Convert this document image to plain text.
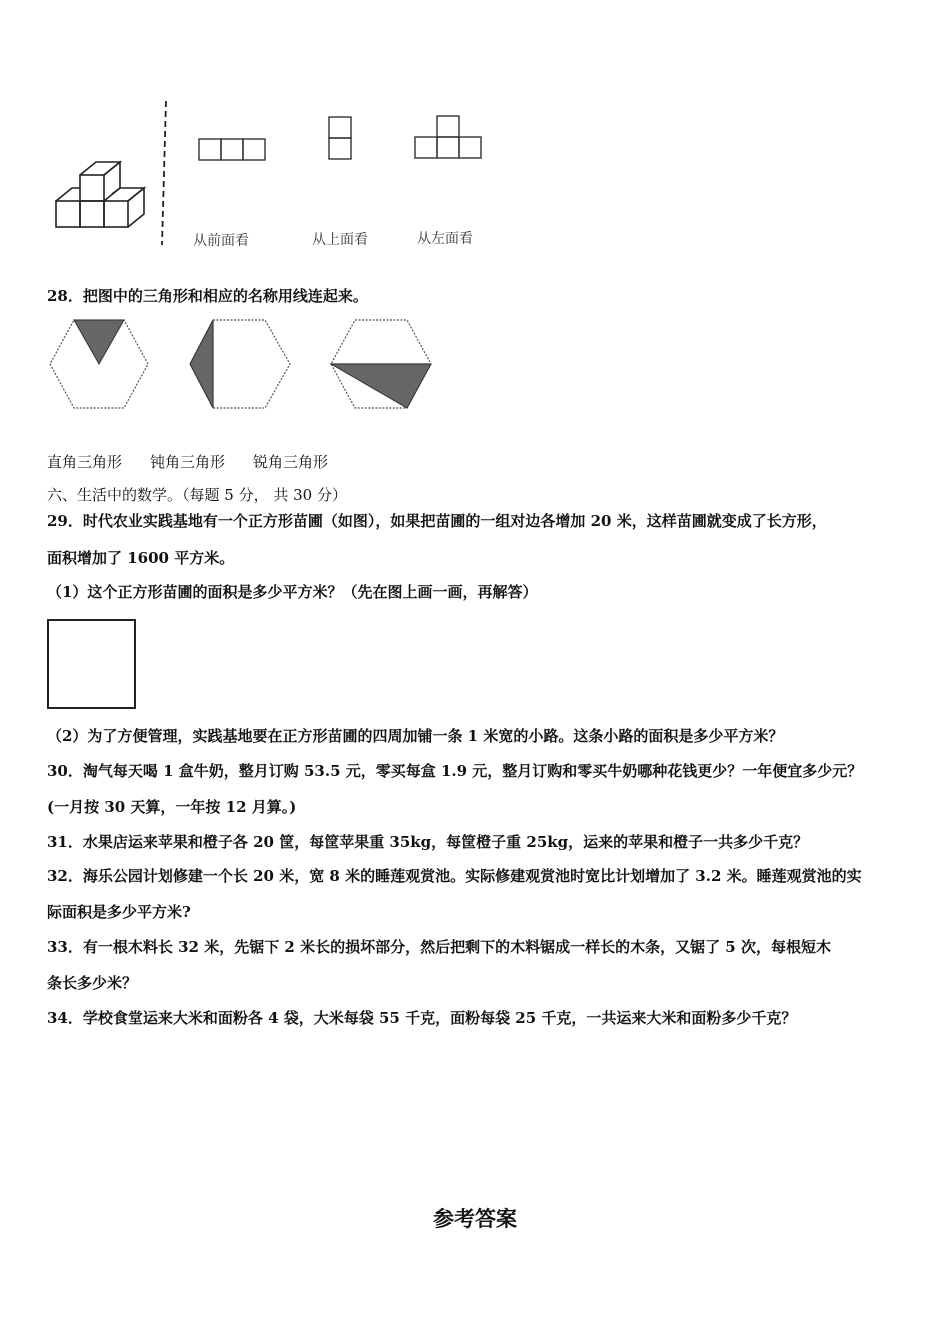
从前面看	从上面看	从左面看
28．把图中的三角形和相应的名称用线连起来。
直角三角形 钝角三角形 锐角三角形
六、生活中的数学。（每题 5 分， 共 30 分）
29．时代农业实践基地有一个正方形苗圃（如图），如果把苗圃的一组对边各增加 20 米，这样苗圃就变成了长方形，
面积增加了 1600 平方米。
（1）这个正方形苗圃的面积是多少平方米？（先在图上画一画，再解答）
（2）为了方便管理，实践基地要在正方形苗圃的四周加铺一条 1 米宽的小路。这条小路的面积是多少平方米？
30．淘气每天喝 1 盒牛奶，整月订购 53.5 元，零买每盒 1.9 元，整月订购和零买牛奶哪种花钱更少？一年便宜多少元？
(一月按 30 天算，一年按 12 月算。)
31．水果店运来苹果和橙子各 20 筐，每筐苹果重 35kg，每筐橙子重 25kg，运来的苹果和橙子一共多少千克？
32．海乐公园计划修建一个长 20 米，宽 8 米的睡莲观赏池。实际修建观赏池时宽比计划增加了 3.2 米。睡莲观赏池的实
际面积是多少平方米?
33．有一根木料长 32 米，先锯下 2 米长的损坏部分，然后把剩下的木料锯成一样长的木条，又锯了 5 次，每根短木
条长多少米？
34．学校食堂运来大米和面粉各 4 袋，大米每袋 55 千克，面粉每袋 25 千克，一共运来大米和面粉多少千克？
参考答案
